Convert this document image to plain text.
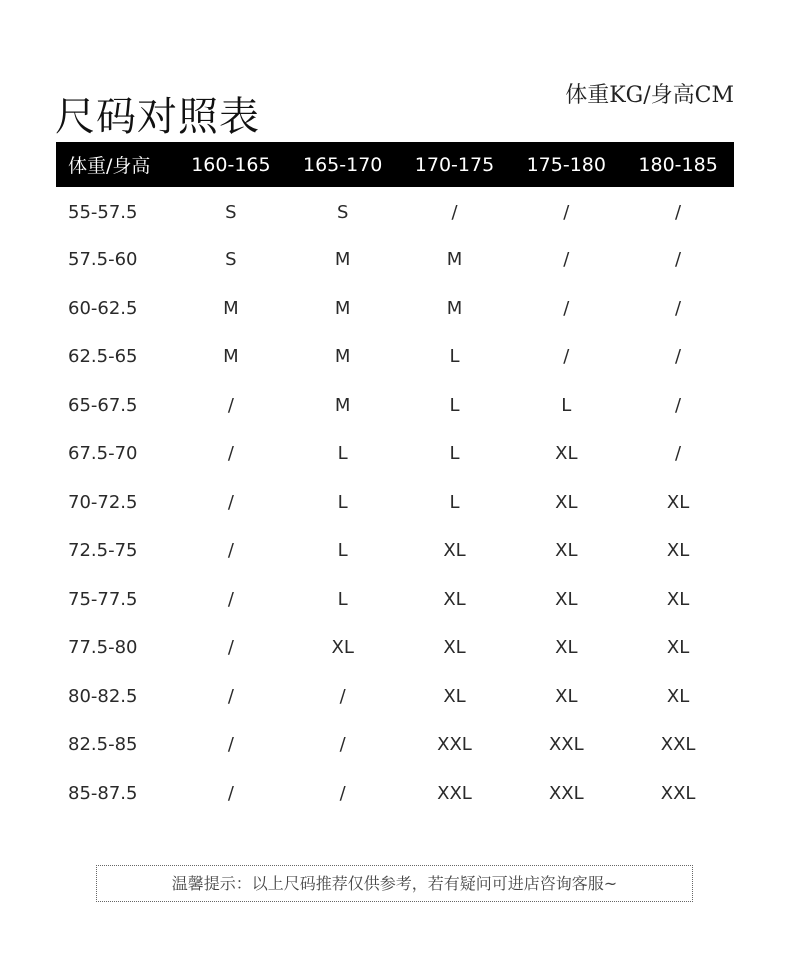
尺码对照表	体重KG/身高CM
体重/身高	160-165	165-170	170-175	175-180	180-185
55-57.5	S	S	/	/	/
57.5-60	S	M	M	/	/
60-62.5	M	M	M	/	/
62.5-65	M	M	L	/	/
65-67.5	/	M	L	L	/
67.5-70	/	L	L	XL	/
70-72.5	/	L	L	XL	XL
72.5-75	/	L	XL	XL	XL
75-77.5	/	L	XL	XL	XL
77.5-80	/	XL	XL	XL	XL
80-82.5	/	/	XL	XL	XL
82.5-85	/	/	XXL	XXL	XXL
85-87.5	/	/	XXL	XXL	XXL
温馨提示：以上尺码推荐仅供参考，若有疑问可进店咨询客服~
